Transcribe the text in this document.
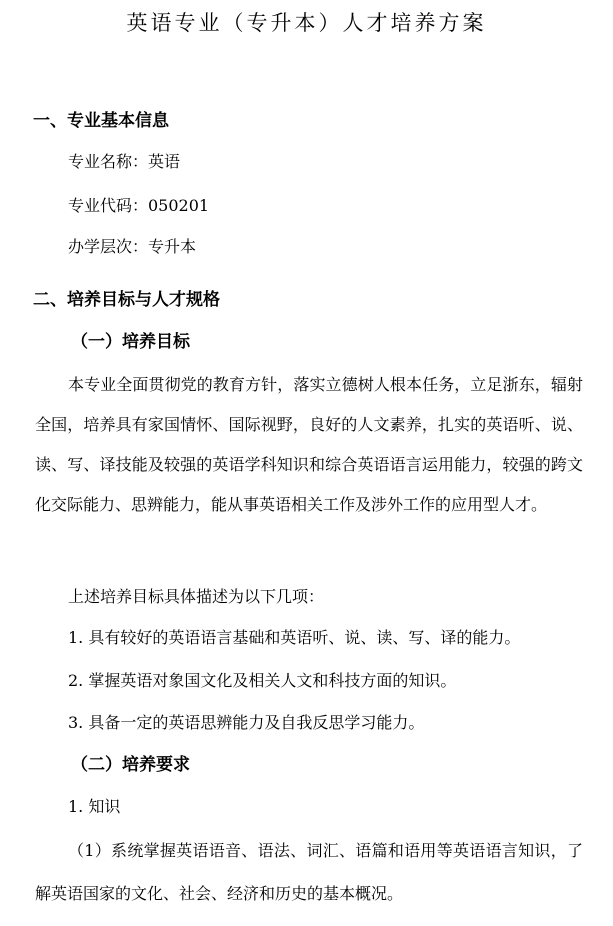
英语专业（专升本）人才培养方案
一、专业基本信息
专业名称：英语
专业代码：050201
办学层次：专升本
二、培养目标与人才规格
（一）培养目标
本专业全面贯彻党的教育方针，落实立德树人根本任务，立足浙东，辐射全国，培养具有家国情怀、国际视野，良好的人文素养，扎实的英语听、说、读、写、译技能及较强的英语学科知识和综合英语语言运用能力，较强的跨文化交际能力、思辨能力，能从事英语相关工作及涉外工作的应用型人才。
上述培养目标具体描述为以下几项：
1. 具有较好的英语语言基础和英语听、说、读、写、译的能力。
2. 掌握英语对象国文化及相关人文和科技方面的知识。
3. 具备一定的英语思辨能力及自我反思学习能力。
（二）培养要求
1. 知识
（1）系统掌握英语语音、语法、词汇、语篇和语用等英语语言知识，了解英语国家的文化、社会、经济和历史的基本概况。
